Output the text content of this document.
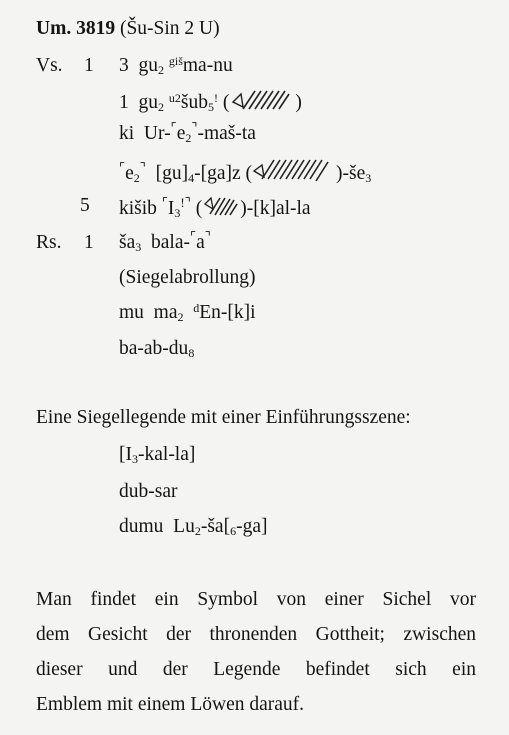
Um. 3819 (Šu-Sin 2 U)
Vs. 1 3  $gu_2$ $^{giš}$ma-nu
1  $gu_2$ $^{u2}$šub$_5$! (	)
ki  $Ur-^⌜e_2^⌝-maš-ta$
$^⌜e_2^⌝$  $[gu]_4-[ga]z$ (	)$-še_3$
5 kišib $^⌜I_3^{!⌝}$ ( )-[k]al-la
Rs. 1 $ša_3$  bala-⌜a⌝
(Siegelabrollung)
mu  $ma_2$  $^d$En-[k]i
$ba-ab-du_8$
Eine Siegellegende mit einer Einführungsszene:
$[I_3-kal-la]$
dub-sar
dumu  $Lu_2-ša[_6-ga]$
Man findet ein Symbol von einer Sichel vor
dem Gesicht der thronenden Gottheit; zwischen
dieser und der Legende befindet sich ein
Emblem mit einem Löwen darauf.
